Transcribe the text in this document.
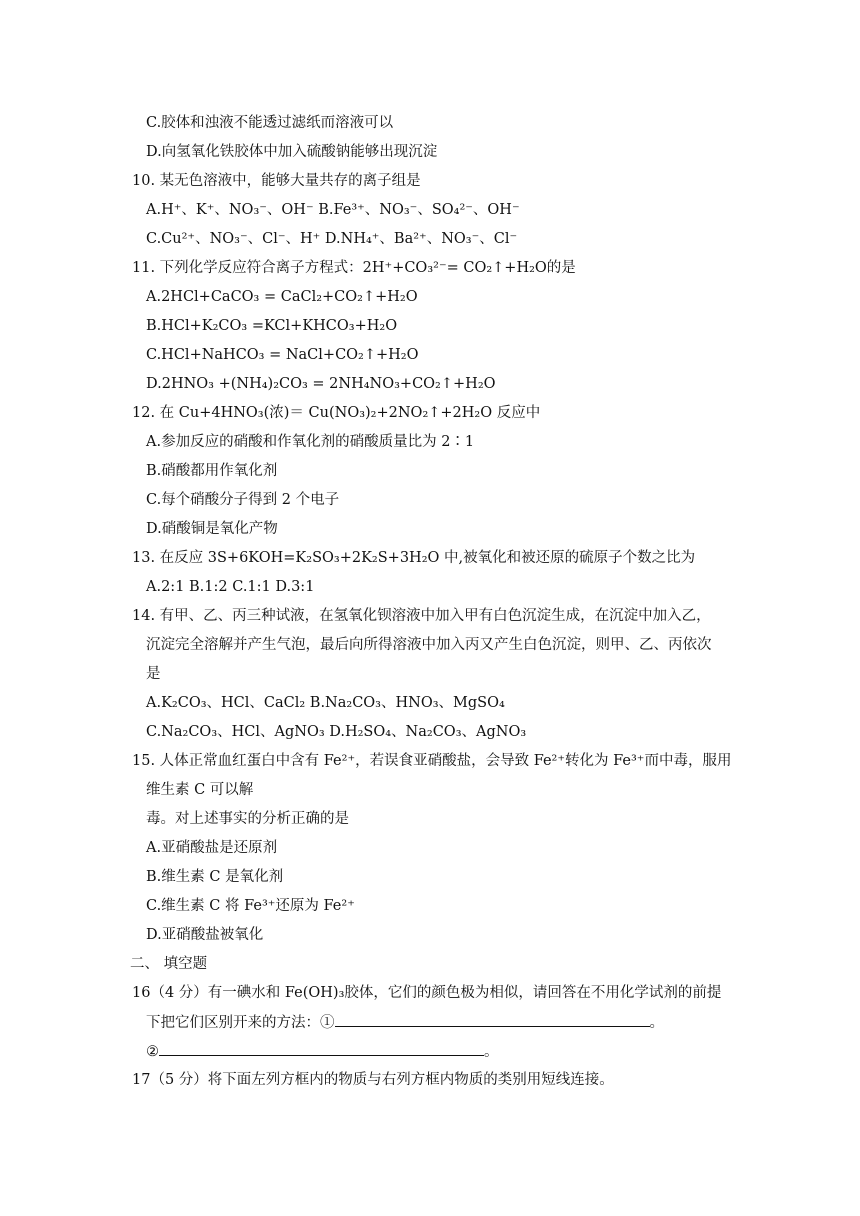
C.胶体和浊液不能透过滤纸而溶液可以
D.向氢氧化铁胶体中加入硫酸钠能够出现沉淀
10. 某无色溶液中，能够大量共存的离子组是
A.H⁺、K⁺、NO₃⁻、OH⁻ B.Fe³⁺、NO₃⁻、SO₄²⁻、OH⁻
C.Cu²⁺、NO₃⁻、Cl⁻、H⁺ D.NH₄⁺、Ba²⁺、NO₃⁻、Cl⁻
11. 下列化学反应符合离子方程式：2H⁺+CO₃²⁻= CO₂↑+H₂O的是
A.2HCl+CaCO₃ = CaCl₂+CO₂↑+H₂O
B.HCl+K₂CO₃ =KCl+KHCO₃+H₂O
C.HCl+NaHCO₃ = NaCl+CO₂↑+H₂O
D.2HNO₃ +(NH₄)₂CO₃ = 2NH₄NO₃+CO₂↑+H₂O
12. 在 Cu+4HNO₃(浓)＝ Cu(NO₃)₂+2NO₂↑+2H₂O 反应中
A.参加反应的硝酸和作氧化剂的硝酸质量比为 2∶1
B.硝酸都用作氧化剂
C.每个硝酸分子得到 2 个电子
D.硝酸铜是氧化产物
13. 在反应 3S+6KOH=K₂SO₃+2K₂S+3H₂O 中,被氧化和被还原的硫原子个数之比为
A.2:1 B.1:2 C.1:1 D.3:1
14. 有甲、乙、丙三种试液，在氢氧化钡溶液中加入甲有白色沉淀生成，在沉淀中加入乙，
沉淀完全溶解并产生气泡，最后向所得溶液中加入丙又产生白色沉淀，则甲、乙、丙依次
是
A.K₂CO₃、HCl、CaCl₂ B.Na₂CO₃、HNO₃、MgSO₄
C.Na₂CO₃、HCl、AgNO₃ D.H₂SO₄、Na₂CO₃、AgNO₃
15. 人体正常血红蛋白中含有 Fe²⁺，若误食亚硝酸盐，会导致 Fe²⁺转化为 Fe³⁺而中毒，服用
维生素 C 可以解
毒。对上述事实的分析正确的是
A.亚硝酸盐是还原剂
B.维生素 C 是氧化剂
C.维生素 C 将 Fe³⁺还原为 Fe²⁺
D.亚硝酸盐被氧化
二、 填空题
16（4 分）有一碘水和 Fe(OH)₃胶体，它们的颜色极为相似，请回答在不用化学试剂的前提
下把它们区别开来的方法：①	。
②	。
17（5 分）将下面左列方框内的物质与右列方框内物质的类别用短线连接。
